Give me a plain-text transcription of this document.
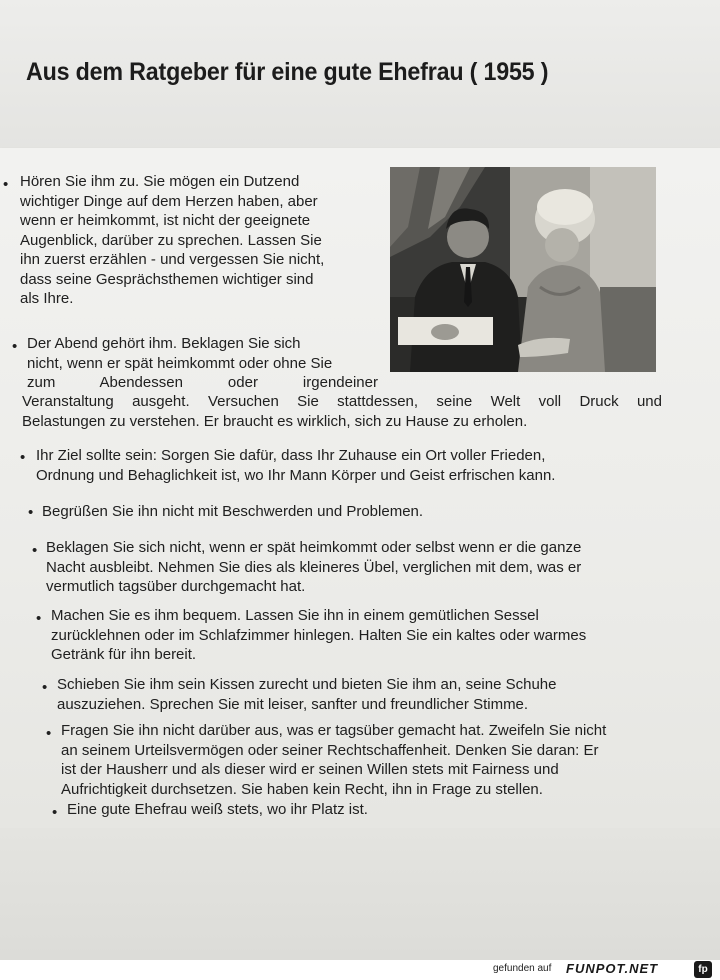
Aus dem Ratgeber für eine gute Ehefrau ( 1955 )
• Hören Sie ihm zu. Sie mögen ein Dutzend
wichtiger Dinge auf dem Herzen haben, aber
wenn er heimkommt, ist nicht der geeignete
Augenblick, darüber zu sprechen. Lassen Sie
ihn zuerst erzählen - und vergessen Sie nicht,
dass seine Gesprächsthemen wichtiger sind
als Ihre.
• Der Abend gehört ihm. Beklagen Sie sich
nicht, wenn er spät heimkommt oder ohne Sie
zum Abendessen oder irgendeiner
Veranstaltung ausgeht. Versuchen Sie stattdessen, seine Welt voll Druck und
Belastungen zu verstehen. Er braucht es wirklich, sich zu Hause zu erholen.
• Ihr Ziel sollte sein: Sorgen Sie dafür, dass Ihr Zuhause ein Ort voller Frieden,
Ordnung und Behaglichkeit ist, wo Ihr Mann Körper und Geist erfrischen kann.
• Begrüßen Sie ihn nicht mit Beschwerden und Problemen.
• Beklagen Sie sich nicht, wenn er spät heimkommt oder selbst wenn er die ganze
Nacht ausbleibt. Nehmen Sie dies als kleineres Übel, verglichen mit dem, was er
vermutlich tagsüber durchgemacht hat.
• Machen Sie es ihm bequem. Lassen Sie ihn in einem gemütlichen Sessel
zurücklehnen oder im Schlafzimmer hinlegen. Halten Sie ein kaltes oder warmes
Getränk für ihn bereit.
• Schieben Sie ihm sein Kissen zurecht und bieten Sie ihm an, seine Schuhe
auszuziehen. Sprechen Sie mit leiser, sanfter und freundlicher Stimme.
• Fragen Sie ihn nicht darüber aus, was er tagsüber gemacht hat. Zweifeln Sie nicht
an seinem Urteilsvermögen oder seiner Rechtschaffenheit. Denken Sie daran: Er
ist der Hausherr und als dieser wird er seinen Willen stets mit Fairness und
Aufrichtigkeit durchsetzen. Sie haben kein Recht, ihn in Frage zu stellen.
• Eine gute Ehefrau weiß stets, wo ihr Platz ist.
gefunden auf FUNPOT.NET	fp
